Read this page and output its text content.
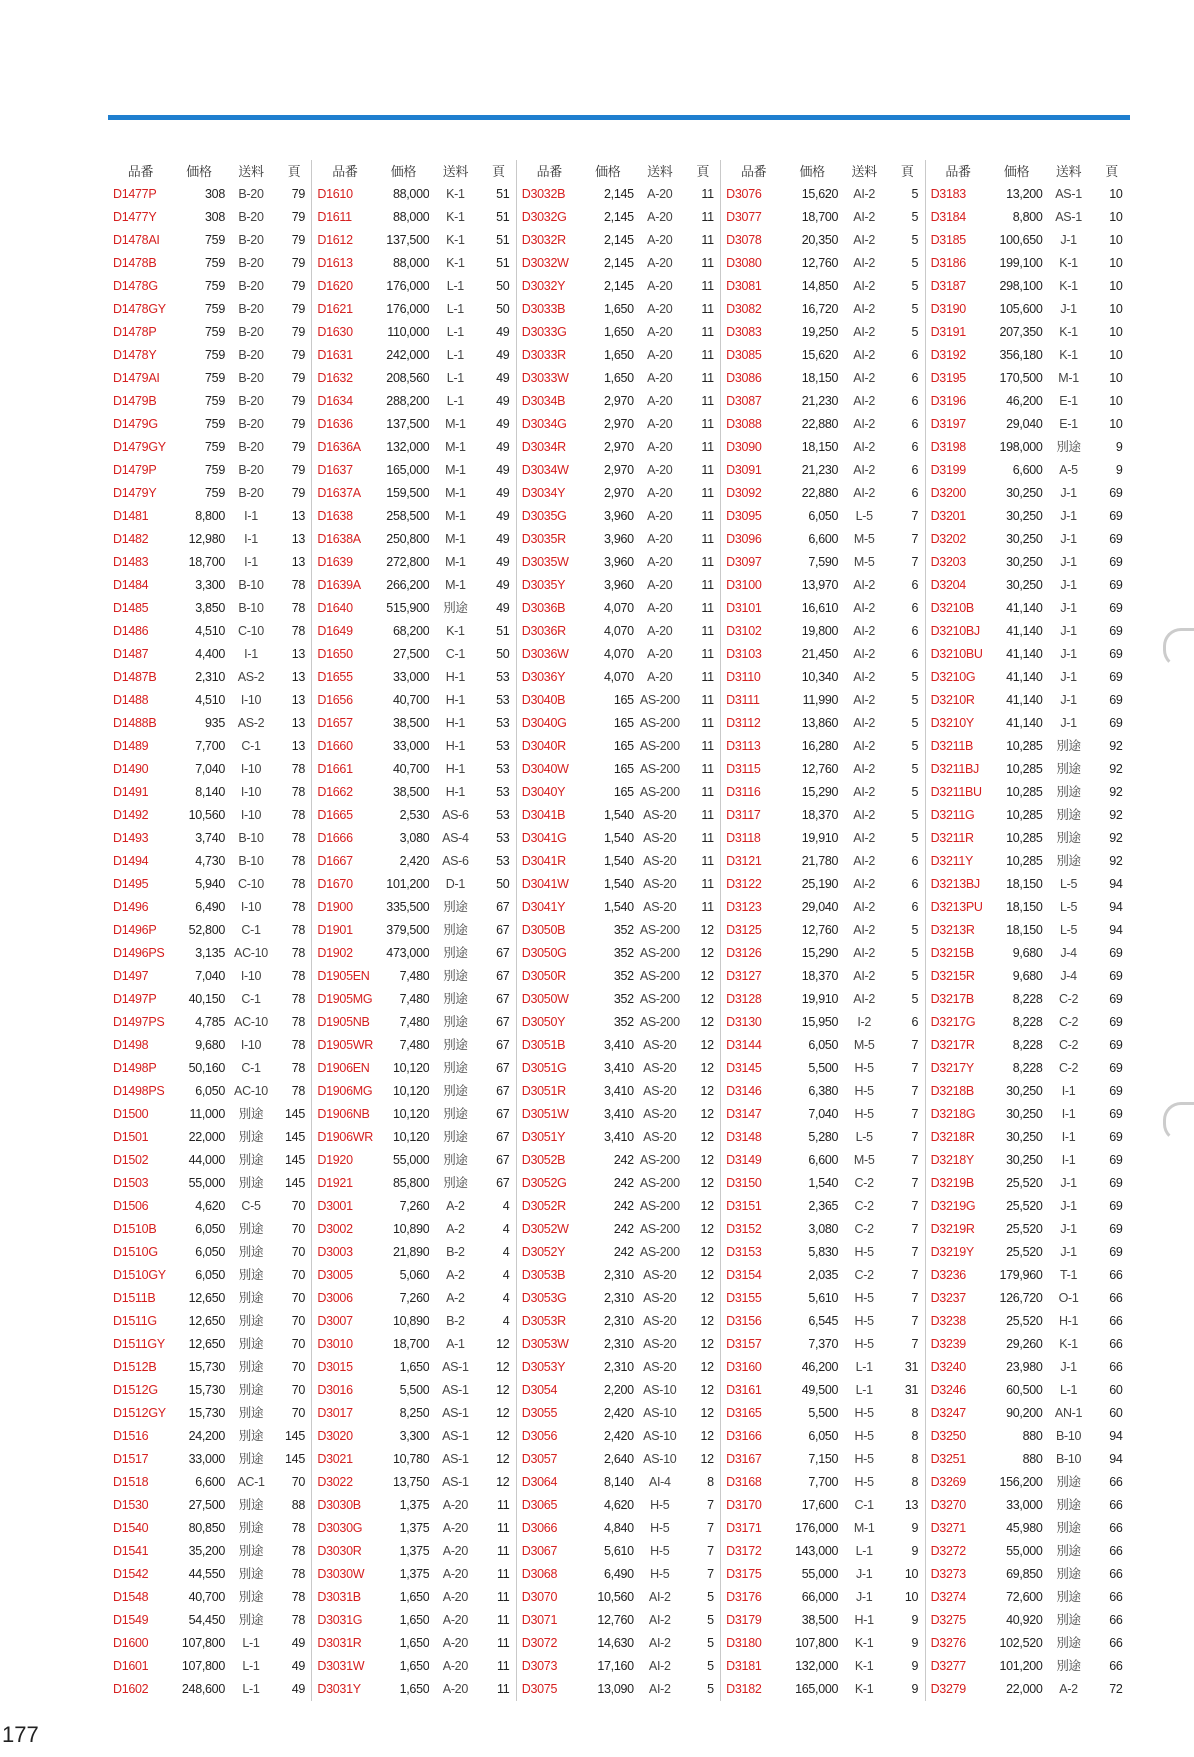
品番	価格	送料	頁
D1477P	308	B-20	79
D1477Y	308	B-20	79
D1478AI	759	B-20	79
D1478B	759	B-20	79
D1478G	759	B-20	79
D1478GY	759	B-20	79
D1478P	759	B-20	79
D1478Y	759	B-20	79
D1479AI	759	B-20	79
D1479B	759	B-20	79
D1479G	759	B-20	79
D1479GY	759	B-20	79
D1479P	759	B-20	79
D1479Y	759	B-20	79
D1481	8,800	I-1	13
D1482	12,980	I-1	13
D1483	18,700	I-1	13
D1484	3,300	B-10	78
D1485	3,850	B-10	78
D1486	4,510	C-10	78
D1487	4,400	I-1	13
D1487B	2,310	AS-2	13
D1488	4,510	I-10	13
D1488B	935	AS-2	13
D1489	7,700	C-1	13
D1490	7,040	I-10	78
D1491	8,140	I-10	78
D1492	10,560	I-10	78
D1493	3,740	B-10	78
D1494	4,730	B-10	78
D1495	5,940	C-10	78
D1496	6,490	I-10	78
D1496P	52,800	C-1	78
D1496PS	3,135 AC-10	78
D1497	7,040	I-10	78
D1497P	40,150	C-1	78
D1497PS	4,785 AC-10	78
D1498	9,680	I-10	78
D1498P	50,160	C-1	78
D1498PS	6,050 AC-10	78
D1500	11,000	別途	145
D1501	22,000	別途	145
D1502	44,000	別途	145
D1503	55,000	別途	145
D1506	4,620	C-5	70
D1510B	6,050	別途	70
D1510G	6,050	別途	70
D1510GY	6,050	別途	70
D1511B	12,650	別途	70
D1511G	12,650	別途	70
D1511GY	12,650	別途	70
D1512B	15,730	別途	70
D1512G	15,730	別途	70
D1512GY	15,730	別途	70
D1516	24,200	別途	145
D1517	33,000	別途	145
D1518	6,600 AC-1	70
D1530	27,500	別途	88
D1540	80,850	別途	78
D1541	35,200	別途	78
D1542	44,550	別途	78
D1548	40,700	別途	78
D1549	54,450	別途	78
D1600	107,800	L-1	49
D1601	107,800	L-1	49
D1602	248,600	L-1	49
品番	価格	送料	頁
D1610	88,000	K-1	51
D1611	88,000	K-1	51
D1612	137,500	K-1	51
D1613	88,000	K-1	51
D1620	176,000	L-1	50
D1621	176,000	L-1	50
D1630	110,000	L-1	49
D1631	242,000	L-1	49
D1632	208,560	L-1	49
D1634	288,200	L-1	49
D1636	137,500	M-1	49
D1636A	132,000	M-1	49
D1637	165,000	M-1	49
D1637A	159,500	M-1	49
D1638	258,500	M-1	49
D1638A	250,800	M-1	49
D1639	272,800	M-1	49
D1639A	266,200	M-1	49
D1640	515,900	別途	49
D1649	68,200	K-1	51
D1650	27,500	C-1	50
D1655	33,000	H-1	53
D1656	40,700	H-1	53
D1657	38,500	H-1	53
D1660	33,000	H-1	53
D1661	40,700	H-1	53
D1662	38,500	H-1	53
D1665	2,530	AS-6	53
D1666	3,080	AS-4	53
D1667	2,420	AS-6	53
D1670	101,200	D-1	50
D1900	335,500	別途	67
D1901	379,500	別途	67
D1902	473,000	別途	67
D1905EN	7,480	別途	67
D1905MG	7,480	別途	67
D1905NB	7,480	別途	67
D1905WR	7,480	別途	67
D1906EN	10,120	別途	67
D1906MG	10,120	別途	67
D1906NB	10,120	別途	67
D1906WR	10,120	別途	67
D1920	55,000	別途	67
D1921	85,800	別途	67
D3001	7,260	A-2	4
D3002	10,890	A-2	4
D3003	21,890	B-2	4
D3005	5,060	A-2	4
D3006	7,260	A-2	4
D3007	10,890	B-2	4
D3010	18,700	A-1	12
D3015	1,650	AS-1	12
D3016	5,500	AS-1	12
D3017	8,250	AS-1	12
D3020	3,300	AS-1	12
D3021	10,780	AS-1	12
D3022	13,750	AS-1	12
D3030B	1,375	A-20	11
D3030G	1,375	A-20	11
D3030R	1,375	A-20	11
D3030W	1,375	A-20	11
D3031B	1,650	A-20	11
D3031G	1,650	A-20	11
D3031R	1,650	A-20	11
D3031W	1,650	A-20	11
D3031Y	1,650	A-20	11
品番	価格	送料	頁
D3032B	2,145	A-20	11
D3032G	2,145	A-20	11
D3032R	2,145	A-20	11
D3032W	2,145	A-20	11
D3032Y	2,145	A-20	11
D3033B	1,650	A-20	11
D3033G	1,650	A-20	11
D3033R	1,650	A-20	11
D3033W	1,650	A-20	11
D3034B	2,970	A-20	11
D3034G	2,970	A-20	11
D3034R	2,970	A-20	11
D3034W	2,970	A-20	11
D3034Y	2,970	A-20	11
D3035G	3,960	A-20	11
D3035R	3,960	A-20	11
D3035W	3,960	A-20	11
D3035Y	3,960	A-20	11
D3036B	4,070	A-20	11
D3036R	4,070	A-20	11
D3036W	4,070	A-20	11
D3036Y	4,070	A-20	11
D3040B	165 AS-200	11
D3040G	165 AS-200	11
D3040R	165 AS-200	11
D3040W	165 AS-200	11
D3040Y	165 AS-200	11
D3041B	1,540 AS-20	11
D3041G	1,540 AS-20	11
D3041R	1,540 AS-20	11
D3041W	1,540 AS-20	11
D3041Y	1,540 AS-20	11
D3050B	352 AS-200	12
D3050G	352 AS-200	12
D3050R	352 AS-200	12
D3050W	352 AS-200	12
D3050Y	352 AS-200	12
D3051B	3,410 AS-20	12
D3051G	3,410 AS-20	12
D3051R	3,410 AS-20	12
D3051W	3,410 AS-20	12
D3051Y	3,410 AS-20	12
D3052B	242 AS-200	12
D3052G	242 AS-200	12
D3052R	242 AS-200	12
D3052W	242 AS-200	12
D3052Y	242 AS-200	12
D3053B	2,310 AS-20	12
D3053G	2,310 AS-20	12
D3053R	2,310 AS-20	12
D3053W	2,310 AS-20	12
D3053Y	2,310 AS-20	12
D3054	2,200 AS-10	12
D3055	2,420 AS-10	12
D3056	2,420 AS-10	12
D3057	2,640 AS-10	12
D3064	8,140	AI-4	8
D3065	4,620	H-5	7
D3066	4,840	H-5	7
D3067	5,610	H-5	7
D3068	6,490	H-5	7
D3070	10,560	AI-2	5
D3071	12,760	AI-2	5
D3072	14,630	AI-2	5
D3073	17,160	AI-2	5
D3075	13,090	AI-2	5
品番	価格	送料	頁
D3076	15,620	AI-2	5
D3077	18,700	AI-2	5
D3078	20,350	AI-2	5
D3080	12,760	AI-2	5
D3081	14,850	AI-2	5
D3082	16,720	AI-2	5
D3083	19,250	AI-2	5
D3085	15,620	AI-2	6
D3086	18,150	AI-2	6
D3087	21,230	AI-2	6
D3088	22,880	AI-2	6
D3090	18,150	AI-2	6
D3091	21,230	AI-2	6
D3092	22,880	AI-2	6
D3095	6,050	L-5	7
D3096	6,600	M-5	7
D3097	7,590	M-5	7
D3100	13,970	AI-2	6
D3101	16,610	AI-2	6
D3102	19,800	AI-2	6
D3103	21,450	AI-2	6
D3110	10,340	AI-2	5
D3111	11,990	AI-2	5
D3112	13,860	AI-2	5
D3113	16,280	AI-2	5
D3115	12,760	AI-2	5
D3116	15,290	AI-2	5
D3117	18,370	AI-2	5
D3118	19,910	AI-2	5
D3121	21,780	AI-2	6
D3122	25,190	AI-2	6
D3123	29,040	AI-2	6
D3125	12,760	AI-2	5
D3126	15,290	AI-2	5
D3127	18,370	AI-2	5
D3128	19,910	AI-2	5
D3130	15,950	I-2	6
D3144	6,050	M-5	7
D3145	5,500	H-5	7
D3146	6,380	H-5	7
D3147	7,040	H-5	7
D3148	5,280	L-5	7
D3149	6,600	M-5	7
D3150	1,540	C-2	7
D3151	2,365	C-2	7
D3152	3,080	C-2	7
D3153	5,830	H-5	7
D3154	2,035	C-2	7
D3155	5,610	H-5	7
D3156	6,545	H-5	7
D3157	7,370	H-5	7
D3160	46,200	L-1	31
D3161	49,500	L-1	31
D3165	5,500	H-5	8
D3166	6,050	H-5	8
D3167	7,150	H-5	8
D3168	7,700	H-5	8
D3170	17,600	C-1	13
D3171	176,000	M-1	9
D3172	143,000	L-1	9
D3175	55,000	J-1	10
D3176	66,000	J-1	10
D3179	38,500	H-1	9
D3180	107,800	K-1	9
D3181	132,000	K-1	9
D3182	165,000	K-1	9
品番	価格	送料	頁
D3183	13,200	AS-1	10
D3184	8,800	AS-1	10
D3185	100,650	J-1	10
D3186	199,100	K-1	10
D3187	298,100	K-1	10
D3190	105,600	J-1	10
D3191	207,350	K-1	10
D3192	356,180	K-1	10
D3195	170,500	M-1	10
D3196	46,200	E-1	10
D3197	29,040	E-1	10
D3198	198,000	別途	9
D3199	6,600	A-5	9
D3200	30,250	J-1	69
D3201	30,250	J-1	69
D3202	30,250	J-1	69
D3203	30,250	J-1	69
D3204	30,250	J-1	69
D3210B	41,140	J-1	69
D3210BJ	41,140	J-1	69
D3210BU	41,140	J-1	69
D3210G	41,140	J-1	69
D3210R	41,140	J-1	69
D3210Y	41,140	J-1	69
D3211B	10,285	別途	92
D3211BJ	10,285	別途	92
D3211BU	10,285	別途	92
D3211G	10,285	別途	92
D3211R	10,285	別途	92
D3211Y	10,285	別途	92
D3213BJ	18,150	L-5	94
D3213PU	18,150	L-5	94
D3213R	18,150	L-5	94
D3215B	9,680	J-4	69
D3215R	9,680	J-4	69
D3217B	8,228	C-2	69
D3217G	8,228	C-2	69
D3217R	8,228	C-2	69
D3217Y	8,228	C-2	69
D3218B	30,250	I-1	69
D3218G	30,250	I-1	69
D3218R	30,250	I-1	69
D3218Y	30,250	I-1	69
D3219B	25,520	J-1	69
D3219G	25,520	J-1	69
D3219R	25,520	J-1	69
D3219Y	25,520	J-1	69
D3236	179,960	T-1	66
D3237	126,720	O-1	66
D3238	25,520	H-1	66
D3239	29,260	K-1	66
D3240	23,980	J-1	66
D3246	60,500	L-1	60
D3247	90,200 AN-1	60
D3250	880	B-10	94
D3251	880	B-10	94
D3269	156,200	別途	66
D3270	33,000	別途	66
D3271	45,980	別途	66
D3272	55,000	別途	66
D3273	69,850	別途	66
D3274	72,600	別途	66
D3275	40,920	別途	66
D3276	102,520	別途	66
D3277	101,200	別途	66
D3279	22,000	A-2	72
177
